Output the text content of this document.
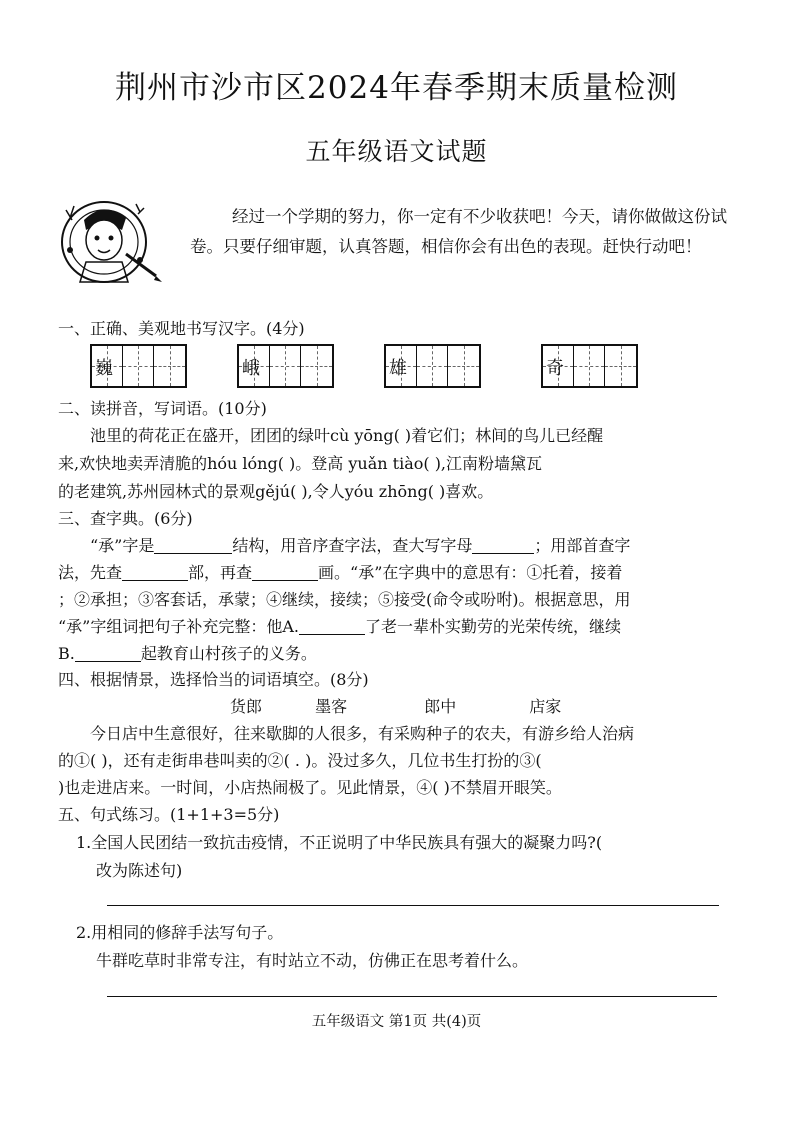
荆州市沙市区2024年春季期末质量检测
五年级语文试题

经过一个学期的努力，你一定有不少收获吧！今天，请你做做这份试卷。只要仔细审题，认真答题，相信你会有出色的表现。赶快行动吧！

一、正确、美观地书写汉字。(4分)
巍	峨	雄	奇
二、读拼音，写词语。(10分)
池里的荷花正在盛开，团团的绿叶cù yōng( )着它们；林间的鸟儿已经醒
来,欢快地卖弄清脆的hóu lóng( )。登高 yuǎn tiào( ),江南粉墙黛瓦
的老建筑,苏州园林式的景观gějú( ),令人yóu zhōng( )喜欢。
三、查字典。(6分)
“承”字是	结构，用音序查字法，查大写字母	；用部首查字
法，先查	部，再查	画。“承”在字典中的意思有：①托着，接着
；②承担；③客套话，承蒙；④继续，接续；⑤接受(命令或吩咐)。根据意思，用
“承”字组词把句子补充完整：他A.	了老一辈朴实勤劳的光荣传统，继续
B.	起教育山村孩子的义务。
四、根据情景，选择恰当的词语填空。(8分)
货郎	墨客	郎中	店家
今日店中生意很好，往来歇脚的人很多，有采购种子的农夫，有游乡给人治病
的①( )，还有走街串巷叫卖的②( . )。没过多久，几位书生打扮的③(
)也走进店来。一时间，小店热闹极了。见此情景，④( )不禁眉开眼笑。
五、句式练习。(1+1+3=5分)
1.全国人民团结一致抗击疫情，不正说明了中华民族具有强大的凝聚力吗?(
改为陈述句)
2.用相同的修辞手法写句子。
牛群吃草时非常专注，有时站立不动，仿佛正在思考着什么。
五年级语文 第1页 共(4)页
